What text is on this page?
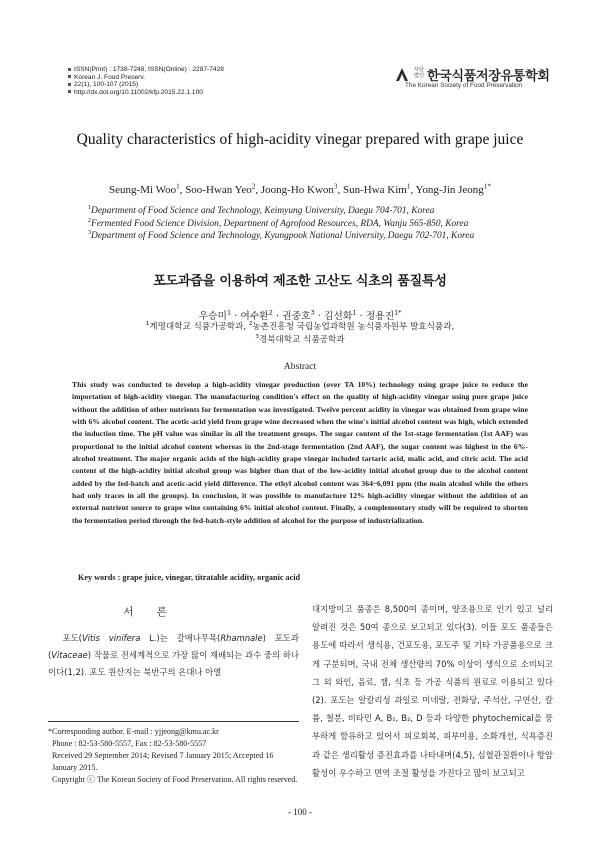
ISSN(Print) : 1738-7248, ISSN(Online) : 2287-7428
Korean J. Food Preserv.
22(1), 100-107 (2015)
http://dx.doi.org/10.11002/kfp.2015.22.1.100
사단법인 한국식품저장유통학회
The Korean Society of Food Preservation
Quality characteristics of high-acidity vinegar prepared with grape juice
Seung-Mi Woo$^1$, Soo-Hwan Yeo$^2$, Joong-Ho Kwon$^3$, Sun-Hwa Kim$^1$, Yong-Jin Jeong$^{1*}$
$^1$Department of Food Science and Technology, Keimyung University, Daegu 704-701, Korea
$^2$Fermented Food Science Division, Department of Agrofood Resources, RDA, Wanju 565-850, Korea
$^3$Department of Food Science and Technology, Kyungpook National University, Daegu 702-701, Korea
포도과즙을 이용하여 제조한 고산도 식초의 품질특성
우승미$^1$ · 여수환$^2$ · 권중호$^3$ · 김선화$^1$ · 정용진$^{1*}$
$^1$계명대학교 식품가공학과, $^2$농촌진흥청 국립농업과학원 농식품자원부 발효식품과,
$^3$경북대학교 식품공학과
Abstract
This study was conducted to develop a high-acidity vinegar production (over TA 10%) technology using grape juice to reduce the importation of high-acidity vinegar. The manufacturing condition's effect on the quality of high-acidity vinegar using pure grape juice without the addition of other nutrients for fermentation was investigated. Twelve percent acidity in vinegar was obtained from grape wine with 6% alcohol content. The acetic-acid yield from grape wine decreased when the wine's initial alcohol content was high, which extended the induction time. The pH value was similar in all the treatment groups. The sugar content of the 1st-stage fermentation (1st AAF) was proportional to the initial alcohol content whereas in the 2nd-stage fermentation (2nd AAF), the sugar content was highest in the 6%-alcohol treatment. The major organic acids of the high-acidity grape vinegar included tartaric acid, malic acid, and citric acid. The acid content of the high-acidity initial alcohol group was higher than that of the low-acidity initial alcohol group due to the alcohol content added by the fed-batch and acetic-acid yield difference. The ethyl alcohol content was 364~6,091 ppm (the main alcohol while the others had only traces in all the groups). In conclusion, it was possible to manufacture 12% high-acidity vinegar without the addition of an external nutrient source to grape wine containing 6% initial alcohol content. Finally, a complementary study will be required to shorten the fermentation period through the fed-batch-style addition of alcohol for the purpose of industrialization.
Key words : grape juice, vinegar, titratable acidity, organic acid
서 론
　포도(Vitis vinifera L.)는 갈매나무목(Rhamnale) 포도과(Vitaceae) 작물로 전세계적으로 가장 많이 재배되는 과수 중의 하나이다(1,2). 포도 원산지는 북반구의 온대나 아열
*Corresponding author. E-mail : yjjeong@kmu.ac.kr
Phone : 82-53-580-5557, Fax : 82-53-580-5557
Received 29 September 2014; Revised 7 January 2015; Accepted 16 January 2015.
Copyright ⓒ The Korean Society of Food Preservation. All rights reserved.
대지방이고 품종은 8,500여 종이며, 양조용으로 인기 있고 널리 알려진 것은 50여 종으로 보고되고 있다(3). 이들 포도 품종들은 용도에 따라서 생식용, 건포도용, 포도주 및 기타 가공품용으로 크게 구분되며, 국내 전체 생산량의 70% 이상이 생식으로 소비되고 그 외 와인, 음료, 잼, 식초 등 가공 식품의 원료로 이용되고 있다(2). 포도는 알칼리성 과일로 미네랄, 전화당, 주석산, 구연산, 칼륨, 철분, 비타민 A, B₁, B₂, D 등과 다양한 phytochemical을 풍부하게 함유하고 있어서 피로회복, 피부미용, 소화개선, 식욕증진과 같은 생리활성 증진효과를 나타내며(4,5), 심혈관질환이나 항암활성이 우수하고 면역 조절 활성을 가진다고 많이 보고되고
- 100 -
